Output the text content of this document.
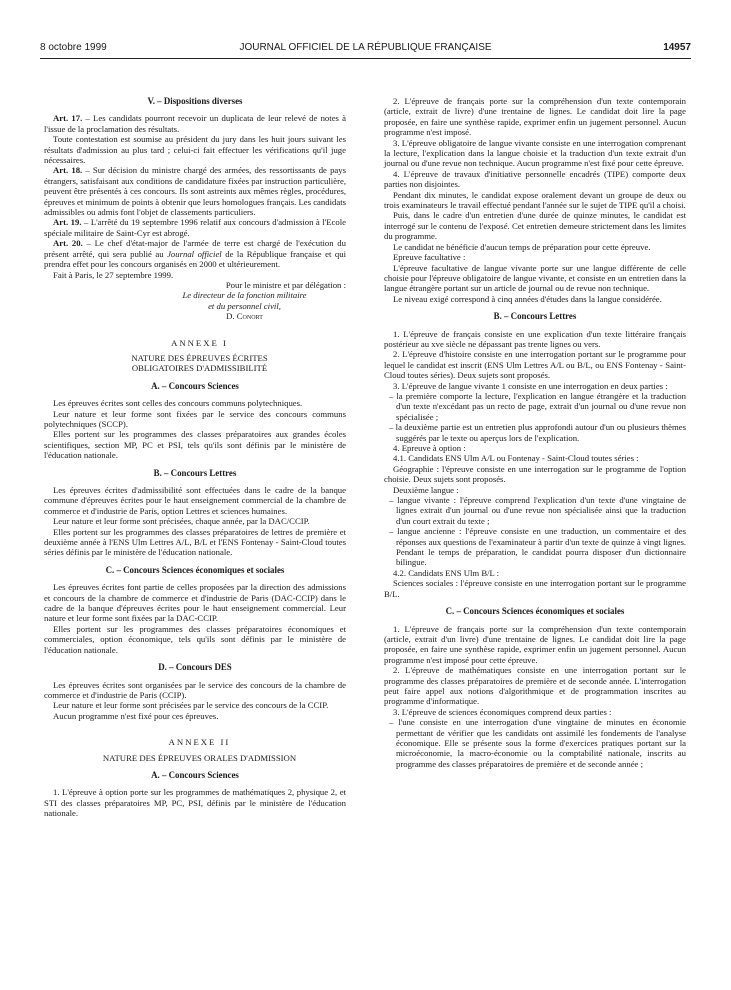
8 octobre 1999	JOURNAL OFFICIEL DE LA RÉPUBLIQUE FRANÇAISE	14957
V. – Dispositions diverses

Art. 17. – Les candidats pourront recevoir un duplicata de leur relevé de notes à l'issue de la proclamation des résultats.

Toute contestation est soumise au président du jury dans les huit jours suivant les résultats d'admission au plus tard ; celui-ci fait effectuer les vérifications qu'il juge nécessaires.

Art. 18. – Sur décision du ministre chargé des armées, des ressortissants de pays étrangers, satisfaisant aux conditions de candidature fixées par instruction particulière, peuvent être présentés à ces concours. Ils sont astreints aux mêmes règles, procédures, épreuves et minimum de points à obtenir que leurs homologues français. Les candidats admissibles ou admis font l'objet de classements particuliers.

Art. 19. – L'arrêté du 19 septembre 1996 relatif aux concours d'admission à l'Ecole spéciale militaire de Saint-Cyr est abrogé.

Art. 20. – Le chef d'état-major de l'armée de terre est chargé de l'exécution du présent arrêté, qui sera publié au Journal officiel de la République française et qui prendra effet pour les concours organisés en 2000 et ultérieurement.

Fait à Paris, le 27 septembre 1999.

Pour le ministre et par délégation :

Le directeur de la fonction militaire

et du personnel civil,

D. Conort

ANNEXE I

NATURE DES ÉPREUVES ÉCRITES

OBLIGATOIRES D'ADMISSIBILITÉ

A. – Concours Sciences

Les épreuves écrites sont celles des concours communs polytechniques.

Leur nature et leur forme sont fixées par le service des concours communs polytechniques (SCCP).

Elles portent sur les programmes des classes préparatoires aux grandes écoles scientifiques, section MP, PC et PSI, tels qu'ils sont définis par le ministère de l'éducation nationale.

B. – Concours Lettres

Les épreuves écrites d'admissibilité sont effectuées dans le cadre de la banque commune d'épreuves écrites pour le haut enseignement commercial de la chambre de commerce et d'industrie de Paris, option Lettres et sciences humaines.

Leur nature et leur forme sont précisées, chaque année, par la DAC/CCIP.

Elles portent sur les programmes des classes préparatoires de lettres de première et deuxième année à l'ENS Ulm Lettres A/L, B/L et l'ENS Fontenay - Saint-Cloud toutes séries définis par le ministère de l'éducation nationale.

C. – Concours Sciences économiques et sociales

Les épreuves écrites font partie de celles proposées par la direction des admissions et concours de la chambre de commerce et d'industrie de Paris (DAC-CCIP) dans le cadre de la banque d'épreuves écrites pour le haut enseignement commercial. Leur nature et leur forme sont fixées par la DAC-CCIP.

Elles portent sur les programmes des classes préparatoires économiques et commerciales, option économique, tels qu'ils sont définis par le ministère de l'éducation nationale.

D. – Concours DES

Les épreuves écrites sont organisées par le service des concours de la chambre de commerce et d'industrie de Paris (CCIP).

Leur nature et leur forme sont précisées par le service des concours de la CCIP.

Aucun programme n'est fixé pour ces épreuves.

ANNEXE II

NATURE DES ÉPREUVES ORALES D'ADMISSION

A. – Concours Sciences

1. L'épreuve à option porte sur les programmes de mathématiques 2, physique 2, et STI des classes préparatoires MP, PC, PSI, définis par le ministère de l'éducation nationale.

2. L'épreuve de français porte sur la compréhension d'un texte contemporain (article, extrait de livre) d'une trentaine de lignes. Le candidat doit lire la page proposée, en faire une synthèse rapide, exprimer enfin un jugement personnel. Aucun programme n'est imposé.

3. L'épreuve obligatoire de langue vivante consiste en une interrogation comprenant la lecture, l'explication dans la langue choisie et la traduction d'un texte extrait d'un journal ou d'une revue non technique. Aucun programme n'est fixé pour cette épreuve.

4. L'épreuve de travaux d'initiative personnelle encadrés (TIPE) comporte deux parties non disjointes.

Pendant dix minutes, le candidat expose oralement devant un groupe de deux ou trois examinateurs le travail effectué pendant l'année sur le sujet de TIPE qu'il a choisi.

Puis, dans le cadre d'un entretien d'une durée de quinze minutes, le candidat est interrogé sur le contenu de l'exposé. Cet entretien demeure strictement dans les limites du programme.

Le candidat ne bénéficie d'aucun temps de préparation pour cette épreuve.

Epreuve facultative :

L'épreuve facultative de langue vivante porte sur une langue différente de celle choisie pour l'épreuve obligatoire de langue vivante, et consiste en un entretien dans la langue étrangère portant sur un article de journal ou de revue non technique.

Le niveau exigé correspond à cinq années d'études dans la langue considérée.

B. – Concours Lettres

1. L'épreuve de français consiste en une explication d'un texte littéraire français postérieur au xve siècle ne dépassant pas trente lignes ou vers.

2. L'épreuve d'histoire consiste en une interrogation portant sur le programme pour lequel le candidat est inscrit (ENS Ulm Lettres A/L ou B/L, ou ENS Fontenay - Saint-Cloud toutes séries). Deux sujets sont proposés.

3. L'épreuve de langue vivante 1 consiste en une interrogation en deux parties :

– la première comporte la lecture, l'explication en langue étrangère et la traduction d'un texte n'excédant pas un recto de page, extrait d'un journal ou d'une revue non spécialisée ;
– la deuxième partie est un entretien plus approfondi autour d'un ou plusieurs thèmes suggérés par le texte ou aperçus lors de l'explication.

4. Epreuve à option :

4.1. Candidats ENS Ulm A/L ou Fontenay - Saint-Cloud toutes séries :

Géographie : l'épreuve consiste en une interrogation sur le programme de l'option choisie. Deux sujets sont proposés.

Deuxième langue :

– langue vivante : l'épreuve comprend l'explication d'un texte d'une vingtaine de lignes extrait d'un journal ou d'une revue non spécialisée ainsi que la traduction d'un court extrait du texte ;
– langue ancienne : l'épreuve consiste en une traduction, un commentaire et des réponses aux questions de l'examinateur à partir d'un texte de quinze à vingt lignes. Pendant le temps de préparation, le candidat pourra disposer d'un dictionnaire bilingue.

4.2. Candidats ENS Ulm B/L :

Sciences sociales : l'épreuve consiste en une interrogation portant sur le programme B/L.

C. – Concours Sciences économiques et sociales

1. L'épreuve de français porte sur la compréhension d'un texte contemporain (article, extrait d'un livre) d'une trentaine de lignes. Le candidat doit lire la page proposée, en faire une synthèse rapide, exprimer enfin un jugement personnel. Aucun programme n'est imposé pour cette épreuve.

2. L'épreuve de mathématiques consiste en une interrogation portant sur le programme des classes préparatoires de première et de seconde année. L'interrogation peut faire appel aux notions d'algorithmique et de programmation inscrites au programme d'informatique.

3. L'épreuve de sciences économiques comprend deux parties :

– l'une consiste en une interrogation d'une vingtaine de minutes en économie permettant de vérifier que les candidats ont assimilé les fondements de l'analyse économique. Elle se présente sous la forme d'exercices pratiques portant sur la microéconomie, la macro-économie ou la comptabilité nationale, inscrits au programme des classes préparatoires de première et de seconde année ;
